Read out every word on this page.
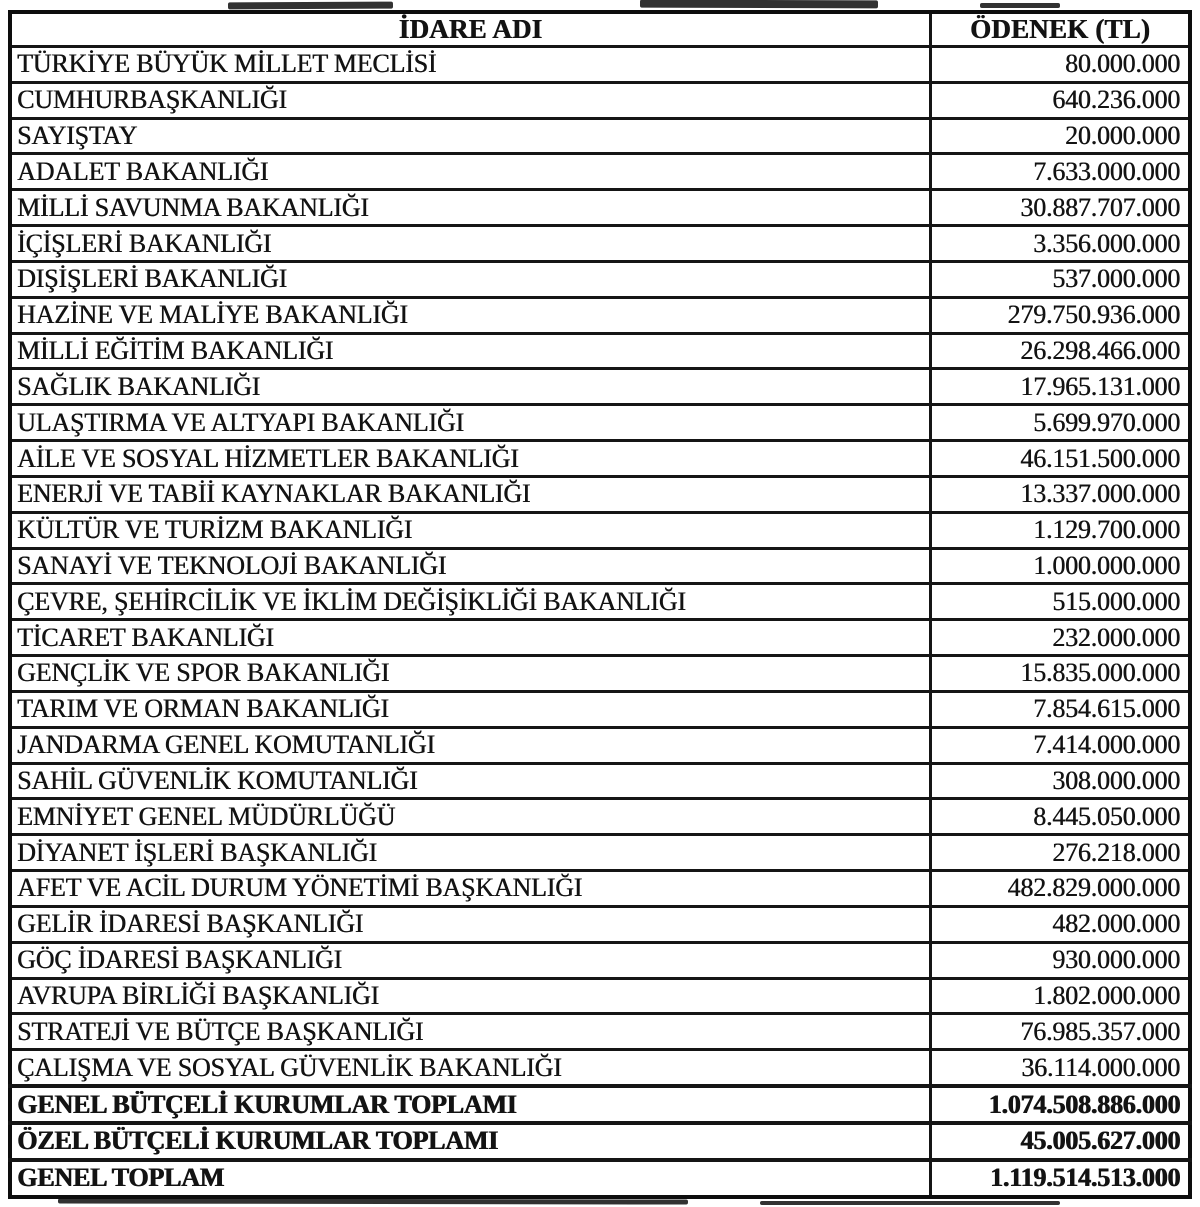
İDARE ADI	ÖDENEK (TL)
TÜRKİYE BÜYÜK MİLLET MECLİSİ	80.000.000
CUMHURBAŞKANLIĞI	640.236.000
SAYIŞTAY	20.000.000
ADALET BAKANLIĞI	7.633.000.000
MİLLİ SAVUNMA BAKANLIĞI	30.887.707.000
İÇİŞLERİ BAKANLIĞI	3.356.000.000
DIŞİŞLERİ BAKANLIĞI	537.000.000
HAZİNE VE MALİYE BAKANLIĞI	279.750.936.000
MİLLİ EĞİTİM BAKANLIĞI	26.298.466.000
SAĞLIK BAKANLIĞI	17.965.131.000
ULAŞTIRMA VE ALTYAPI BAKANLIĞI	5.699.970.000
AİLE VE SOSYAL HİZMETLER BAKANLIĞI	46.151.500.000
ENERJİ VE TABİİ KAYNAKLAR BAKANLIĞI	13.337.000.000
KÜLTÜR VE TURİZM BAKANLIĞI	1.129.700.000
SANAYİ VE TEKNOLOJİ BAKANLIĞI	1.000.000.000
ÇEVRE, ŞEHİRCİLİK VE İKLİM DEĞİŞİKLİĞİ BAKANLIĞI	515.000.000
TİCARET BAKANLIĞI	232.000.000
GENÇLİK VE SPOR BAKANLIĞI	15.835.000.000
TARIM VE ORMAN BAKANLIĞI	7.854.615.000
JANDARMA GENEL KOMUTANLIĞI	7.414.000.000
SAHİL GÜVENLİK KOMUTANLIĞI	308.000.000
EMNİYET GENEL MÜDÜRLÜĞÜ	8.445.050.000
DİYANET İŞLERİ BAŞKANLIĞI	276.218.000
AFET VE ACİL DURUM YÖNETİMİ BAŞKANLIĞI	482.829.000.000
GELİR İDARESİ BAŞKANLIĞI	482.000.000
GÖÇ İDARESİ BAŞKANLIĞI	930.000.000
AVRUPA BİRLİĞİ BAŞKANLIĞI	1.802.000.000
STRATEJİ VE BÜTÇE BAŞKANLIĞI	76.985.357.000
ÇALIŞMA VE SOSYAL GÜVENLİK BAKANLIĞI	36.114.000.000
GENEL BÜTÇELİ KURUMLAR TOPLAMI	1.074.508.886.000
ÖZEL BÜTÇELİ KURUMLAR TOPLAMI	45.005.627.000
GENEL TOPLAM	1.119.514.513.000
